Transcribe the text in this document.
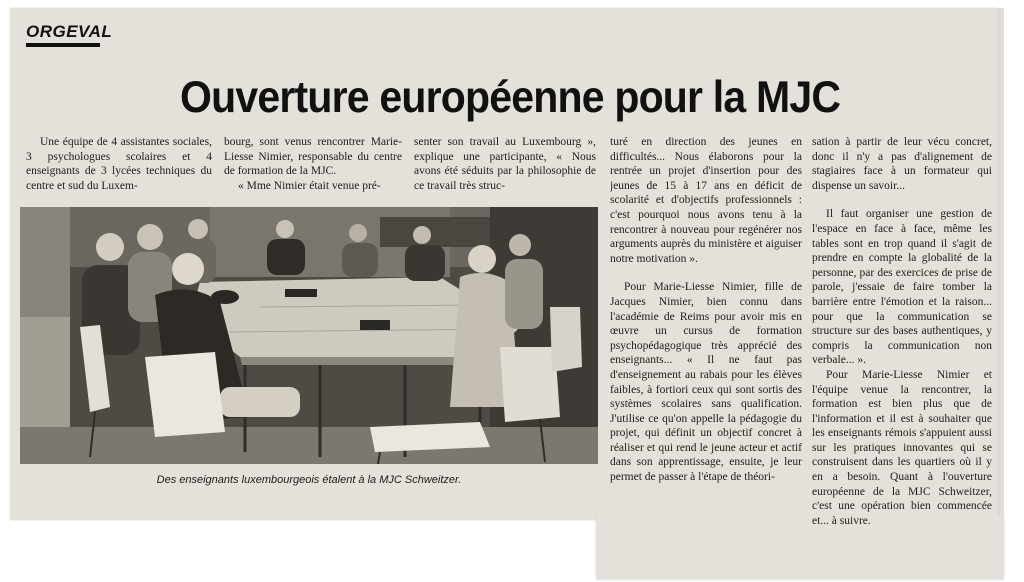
ORGEVAL
Ouverture européenne pour la MJC

Une équipe de 4 assistantes sociales, 3 psychologues scolaires et 4 enseignants de 3 lycées techniques du centre et sud du Luxem-

bourg, sont venus rencontrer Marie-Liesse Nimier, responsable du centre de formation de la MJC.

« Mme Nimier était venue pré-

senter son travail au Luxembourg », explique une participante, « Nous avons été séduits par la philosophie de ce travail très struc-

turé en direction des jeunes en difficultés... Nous élaborons pour la rentrée un projet d'insertion pour des jeunes de 15 à 17 ans en déficit de scolarité et d'objectifs professionnels : c'est pourquoi nous avons tenu à la rencontrer à nouveau pour regénérer nos arguments auprès du ministère et aiguiser notre motivation ».

Pour Marie-Liesse Nimier, fille de Jacques Nimier, bien connu dans l'académie de Reims pour avoir mis en œuvre un cursus de formation psychopédagogique très apprécié des enseignants... « Il ne faut pas d'enseignement au rabais pour les élèves faibles, à fortiori ceux qui sont sortis des systèmes scolaires sans qualification. J'utilise ce qu'on appelle la pédagogie du projet, qui définit un objectif concret à réaliser et qui rend le jeune acteur et actif dans son apprentissage, ensuite, je leur permet de passer à l'étape de théori-

sation à partir de leur vécu concret, donc il n'y a pas d'alignement de stagiaires face à un formateur qui dispense un savoir...

Il faut organiser une gestion de l'espace en face à face, même les tables sont en trop quand il s'agit de prendre en compte la globalité de la personne, par des exercices de prise de parole, j'essaie de faire tomber la barrière entre l'émotion et la raison... pour que la communication se structure sur des bases authentiques, y compris la communication non verbale... ».

Pour Marie-Liesse Nimier et l'équipe venue la rencontrer, la formation est bien plus que de l'information et il est à souhaiter que les enseignants rémois s'appuient aussi sur les pratiques innovantes qui se construisent dans les quartiers où il y en a besoin. Quant à l'ouverture européenne de la MJC Schweitzer, c'est une opération bien commencée et... à suivre.

Des enseignants luxembourgeois étalent à la MJC Schweitzer.
